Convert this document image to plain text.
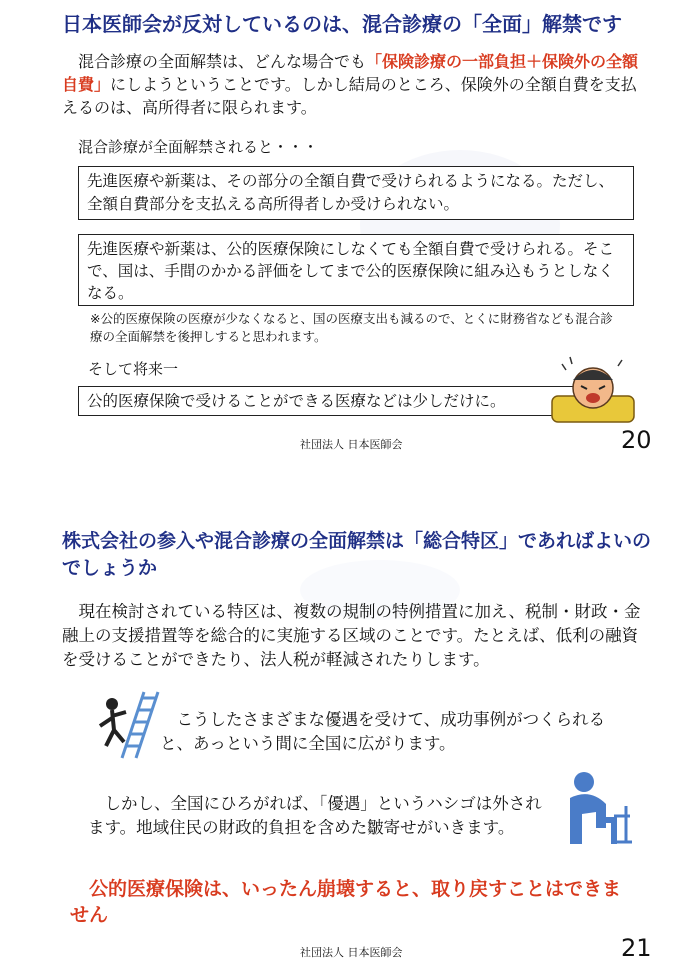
日本医師会が反対しているのは、混合診療の「全面」解禁です
　混合診療の全面解禁は、どんな場合でも「保険診療の一部負担＋保険外の全額自費」にしようということです。しかし結局のところ、保険外の全額自費を支払えるのは、高所得者に限られます。
混合診療が全面解禁されると・・・
先進医療や新薬は、その部分の全額自費で受けられるようになる。ただし、全額自費部分を支払える高所得者しか受けられない。
先進医療や新薬は、公的医療保険にしなくても全額自費で受けられる。そこで、国は、手間のかかる評価をしてまで公的医療保険に組み込もうとしなくなる。
※公的医療保険の医療が少なくなると、国の医療支出も減るので、とくに財務省なども混合診療の全面解禁を後押しすると思われます。
そして将来一
公的医療保険で受けることができる医療などは少しだけに。
社団法人 日本医師会	20
株式会社の参入や混合診療の全面解禁は「総合特区」であればよいのでしょうか
　現在検討されている特区は、複数の規制の特例措置に加え、税制・財政・金融上の支援措置等を総合的に実施する区域のことです。たとえば、低利の融資を受けることができたり、法人税が軽減されたりします。
こうしたさまざまな優遇を受けて、成功事例がつくられると、あっという間に全国に広がります。
しかし、全国にひろがれば、「優遇」というハシゴは外されます。地域住民の財政的負担を含めた皺寄せがいきます。
公的医療保険は、いったん崩壊すると、取り戻すことはできません
社団法人 日本医師会	21
